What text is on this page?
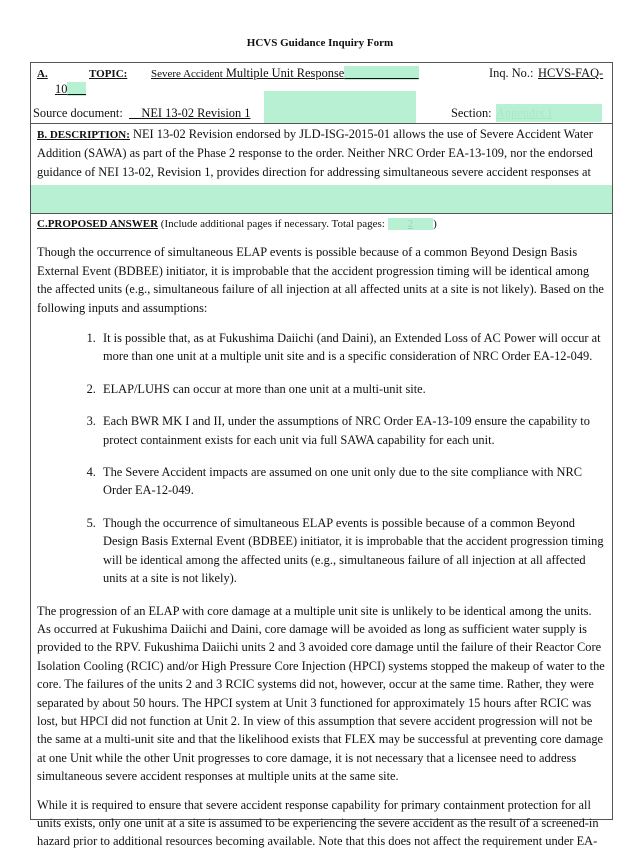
HCVS Guidance Inquiry Form
A.	TOPIC: Severe Accident Multiple Unit Response	Inq. No.: HCVS-FAQ-
10
Source document:	NEI 13-02 Revision 1	Section: Appendix I

B. DESCRIPTION: NEI 13-02 Revision endorsed by JLD-ISG-2015-01 allows the use of Severe Accident Water Addition (SAWA) as part of the Phase 2 response to the order. Neither NRC Order EA-13-109, nor the endorsed guidance of NEI 13-02, Revision 1, provides direction for addressing simultaneous severe accident responses at

C.PROPOSED ANSWER (Include additional pages if necessary. Total pages: 2 )

Though the occurrence of simultaneous ELAP events is possible because of a common Beyond Design Basis External Event (BDBEE) initiator, it is improbable that the accident progression timing will be identical among the affected units (e.g., simultaneous failure of all injection at all affected units at a site is not likely). Based on the following inputs and assumptions:

1. It is possible that, as at Fukushima Daiichi (and Daini), an Extended Loss of AC Power will occur at more than one unit at a multiple unit site and is a specific consideration of NRC Order EA-12-049.
2. ELAP/LUHS can occur at more than one unit at a multi-unit site.
3. Each BWR MK I and II, under the assumptions of NRC Order EA-13-109 ensure the capability to protect containment exists for each unit via full SAWA capability for each unit.
4. The Severe Accident impacts are assumed on one unit only due to the site compliance with NRC Order EA-12-049.
5. Though the occurrence of simultaneous ELAP events is possible because of a common Beyond Design Basis External Event (BDBEE) initiator, it is improbable that the accident progression timing will be identical among the affected units (e.g., simultaneous failure of all injection at all affected units at a site is not likely).

The progression of an ELAP with core damage at a multiple unit site is unlikely to be identical among the units. As occurred at Fukushima Daiichi and Daini, core damage will be avoided as long as sufficient water supply is provided to the RPV. Fukushima Daiichi units 2 and 3 avoided core damage until the failure of their Reactor Core Isolation Cooling (RCIC) and/or High Pressure Core Injection (HPCI) systems stopped the makeup of water to the core. The failures of the units 2 and 3 RCIC systems did not, however, occur at the same time. Rather, they were separated by about 50 hours. The HPCI system at Unit 3 functioned for approximately 15 hours after RCIC was lost, but HPCI did not function at Unit 2. In view of this assumption that severe accident progression will not be the same at a multi-unit site and that the likelihood exists that FLEX may be successful at preventing core damage at one Unit while the other Unit progresses to core damage, it is not necessary that a licensee need to address simultaneous severe accident responses at multiple units at the same site.

While it is required to ensure that severe accident response capability for primary containment protection for all units exists, only one unit at a site is assumed to be experiencing the severe accident as the result of a screened-in hazard prior to additional resources becoming available. Note that this does not affect the requirement under EA-
